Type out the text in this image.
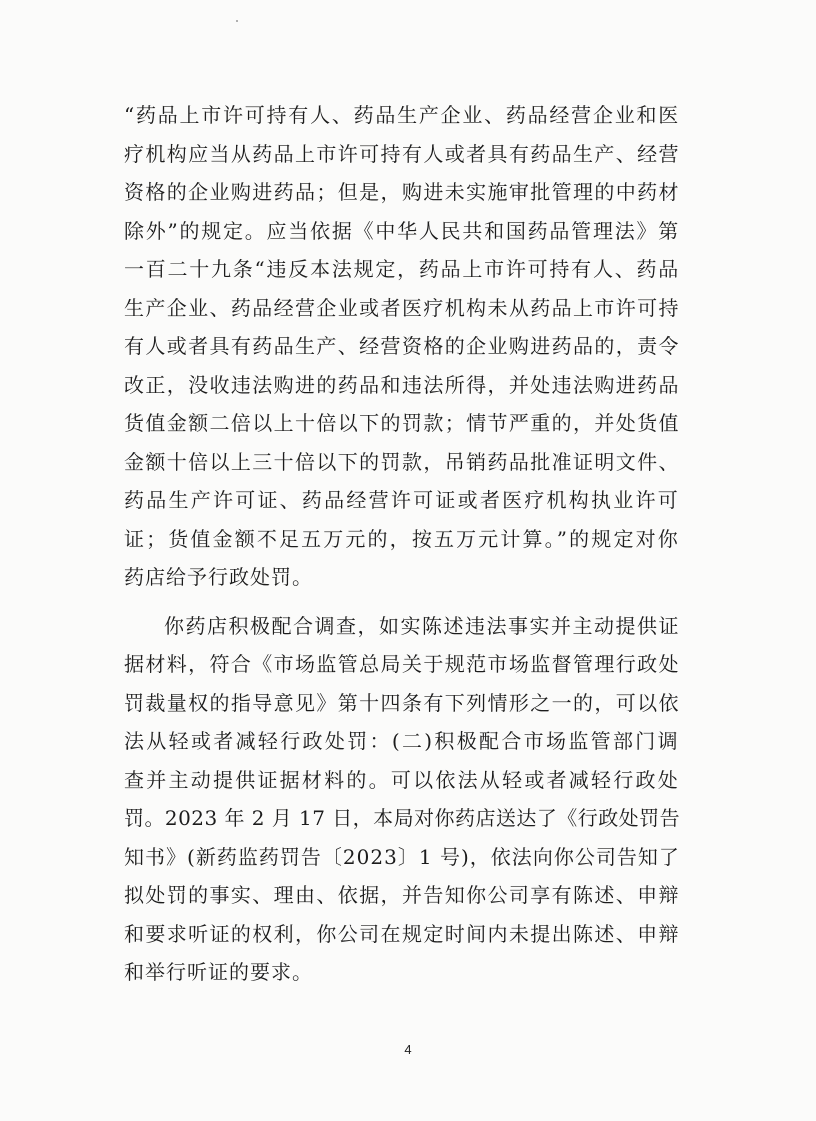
“药品上市许可持有人、药品生产企业、药品经营企业和医
疗机构应当从药品上市许可持有人或者具有药品生产、经营
资格的企业购进药品；但是，购进未实施审批管理的中药材
除外”的规定。应当依据《中华人民共和国药品管理法》第
一百二十九条“违反本法规定，药品上市许可持有人、药品
生产企业、药品经营企业或者医疗机构未从药品上市许可持
有人或者具有药品生产、经营资格的企业购进药品的，责令
改正，没收违法购进的药品和违法所得，并处违法购进药品
货值金额二倍以上十倍以下的罚款；情节严重的，并处货值
金额十倍以上三十倍以下的罚款，吊销药品批准证明文件、
药品生产许可证、药品经营许可证或者医疗机构执业许可
证；货值金额不足五万元的，按五万元计算。”的规定对你
药店给予行政处罚。
你药店积极配合调查，如实陈述违法事实并主动提供证
据材料，符合《市场监管总局关于规范市场监督管理行政处
罚裁量权的指导意见》第十四条有下列情形之一的，可以依
法从轻或者减轻行政处罚：(二)积极配合市场监管部门调
查并主动提供证据材料的。可以依法从轻或者减轻行政处
罚。2023 年 2 月 17 日，本局对你药店送达了《行政处罚告
知书》(新药监药罚告〔2023〕1 号)，依法向你公司告知了
拟处罚的事实、理由、依据，并告知你公司享有陈述、申辩
和要求听证的权利，你公司在规定时间内未提出陈述、申辩
和举行听证的要求。
4
